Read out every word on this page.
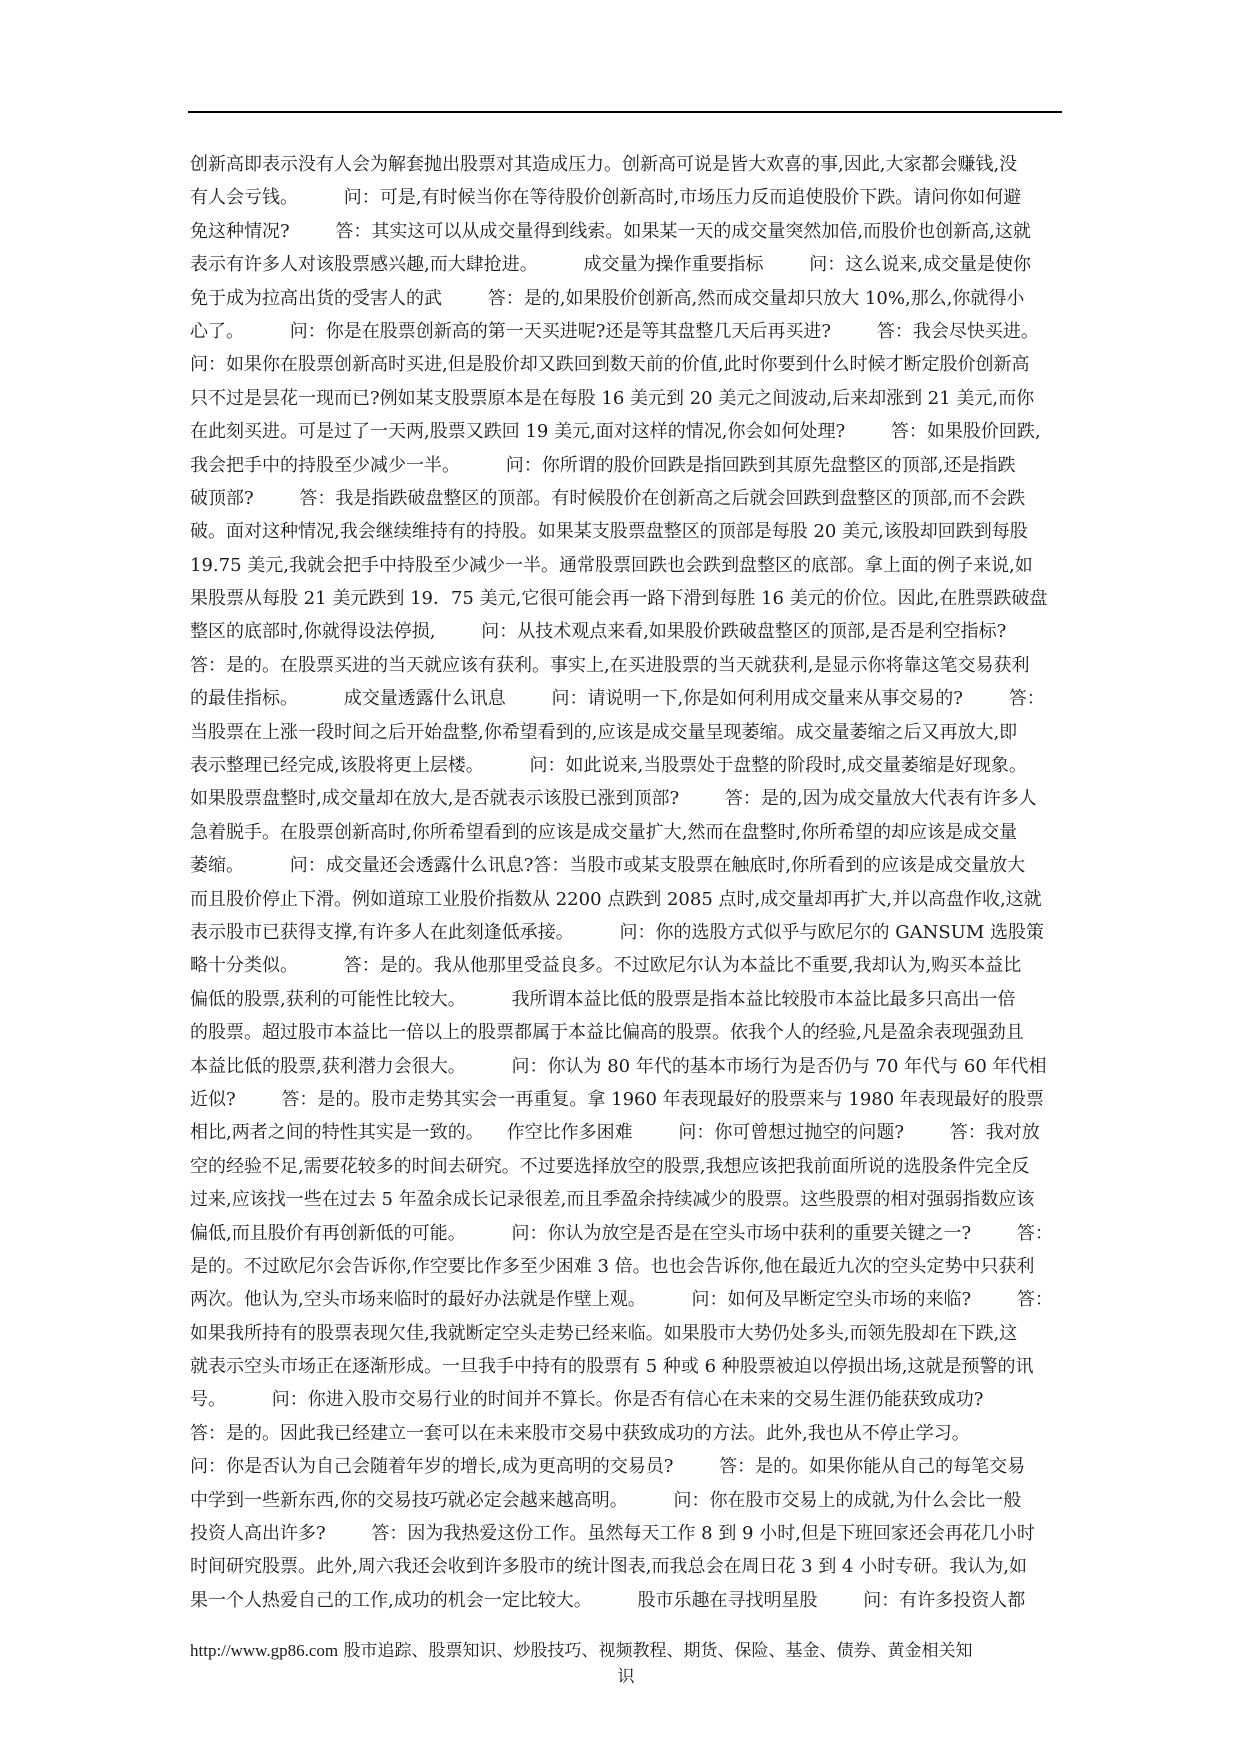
创新高即表示没有人会为解套抛出股票对其造成压力。创新高可说是皆大欢喜的事,因此,大家都会赚钱,没
有人会亏钱。        问：可是,有时候当你在等待股价创新高时,市场压力反而追使股价下跌。请问你如何避
免这种情况?        答：其实这可以从成交量得到线索。如果某一天的成交量突然加倍,而股价也创新高,这就
表示有许多人对该股票感兴趣,而大肆抢进。        成交量为操作重要指标        问：这么说来,成交量是使你
免于成为拉高出货的受害人的武        答：是的,如果股价创新高,然而成交量却只放大 10%,那么,你就得小
心了。        问：你是在股票创新高的第一天买进呢?还是等其盘整几天后再买进?        答：我会尽快买进。
问：如果你在股票创新高时买进,但是股价却又跌回到数天前的价值,此时你要到什么时候才断定股价创新高
只不过是昙花一现而已?例如某支股票原本是在每股 16 美元到 20 美元之间波动,后来却涨到 21 美元,而你
在此刻买进。可是过了一天两,股票又跌回 19 美元,面对这样的情况,你会如何处理?        答：如果股价回跌,
我会把手中的持股至少减少一半。        问：你所谓的股价回跌是指回跌到其原先盘整区的顶部,还是指跌
破顶部?        答：我是指跌破盘整区的顶部。有时候股价在创新高之后就会回跌到盘整区的顶部,而不会跌
破。面对这种情况,我会继续维持有的持股。如果某支股票盘整区的顶部是每股 20 美元,该股却回跌到每股
19.75 美元,我就会把手中持股至少减少一半。通常股票回跌也会跌到盘整区的底部。拿上面的例子来说,如
果股票从每股 21 美元跌到 19．75 美元,它很可能会再一路下滑到每胜 16 美元的价位。因此,在胜票跌破盘
整区的底部时,你就得设法停损,        问：从技术观点来看,如果股价跌破盘整区的顶部,是否是利空指标?
答：是的。在股票买进的当天就应该有获利。事实上,在买进股票的当天就获利,是显示你将靠这笔交易获利
的最佳指标。        成交量透露什么讯息        问：请说明一下,你是如何利用成交量来从事交易的?        答：
当股票在上涨一段时间之后开始盘整,你希望看到的,应该是成交量呈现萎缩。成交量萎缩之后又再放大,即
表示整理已经完成,该股将更上层楼。        问：如此说来,当股票处于盘整的阶段时,成交量萎缩是好现象。
如果股票盘整时,成交量却在放大,是否就表示该股已涨到顶部?        答：是的,因为成交量放大代表有许多人
急着脱手。在股票创新高时,你所希望看到的应该是成交量扩大,然而在盘整时,你所希望的却应该是成交量
萎缩。        问：成交量还会透露什么讯息?答：当股市或某支股票在触底时,你所看到的应该是成交量放大
而且股价停止下滑。例如道琼工业股价指数从 2200 点跌到 2085 点时,成交量却再扩大,并以高盘作收,这就
表示股市已获得支撑,有许多人在此刻逢低承接。        问：你的选股方式似乎与欧尼尔的 GANSUM 选股策
略十分类似。        答：是的。我从他那里受益良多。不过欧尼尔认为本益比不重要,我却认为,购买本益比
偏低的股票,获利的可能性比较大。        我所谓本益比低的股票是指本益比较股市本益比最多只高出一倍
的股票。超过股市本益比一倍以上的股票都属于本益比偏高的股票。依我个人的经验,凡是盈余表现强劲且
本益比低的股票,获利潜力会很大。        问：你认为 80 年代的基本市场行为是否仍与 70 年代与 60 年代相
近似?        答：是的。股市走势其实会一再重复。拿 1960 年表现最好的股票来与 1980 年表现最好的股票
相比,两者之间的特性其实是一致的。    作空比作多困难        问：你可曾想过抛空的问题?        答：我对放
空的经验不足,需要花较多的时间去研究。不过要选择放空的股票,我想应该把我前面所说的选股条件完全反
过来,应该找一些在过去 5 年盈余成长记录很差,而且季盈余持续减少的股票。这些股票的相对强弱指数应该
偏低,而且股价有再创新低的可能。        问：你认为放空是否是在空头市场中获利的重要关键之一?        答：
是的。不过欧尼尔会告诉你,作空要比作多至少困难 3 倍。也也会告诉你,他在最近九次的空头定势中只获利
两次。他认为,空头市场来临时的最好办法就是作壁上观。        问：如何及早断定空头市场的来临?        答：
如果我所持有的股票表现欠佳,我就断定空头走势已经来临。如果股市大势仍处多头,而领先股却在下跌,这
就表示空头市场正在逐渐形成。一旦我手中持有的股票有 5 种或 6 种股票被迫以停损出场,这就是预警的讯
号。        问：你进入股市交易行业的时间并不算长。你是否有信心在未来的交易生涯仍能获致成功?
答：是的。因此我已经建立一套可以在未来股市交易中获致成功的方法。此外,我也从不停止学习。
问：你是否认为自己会随着年岁的增长,成为更高明的交易员?        答：是的。如果你能从自己的每笔交易
中学到一些新东西,你的交易技巧就必定会越来越高明。        问：你在股市交易上的成就,为什么会比一般
投资人高出许多?        答：因为我热爱这份工作。虽然每天工作 8 到 9 小时,但是下班回家还会再花几小时
时间研究股票。此外,周六我还会收到许多股市的统计图表,而我总会在周日花 3 到 4 小时专研。我认为,如
果一个人热爱自己的工作,成功的机会一定比较大。        股市乐趣在寻找明星股        问：有许多投资人都
http://www.gp86.com 股市追踪、股票知识、炒股技巧、视频教程、期货、保险、基金、债券、黄金相关知
识
